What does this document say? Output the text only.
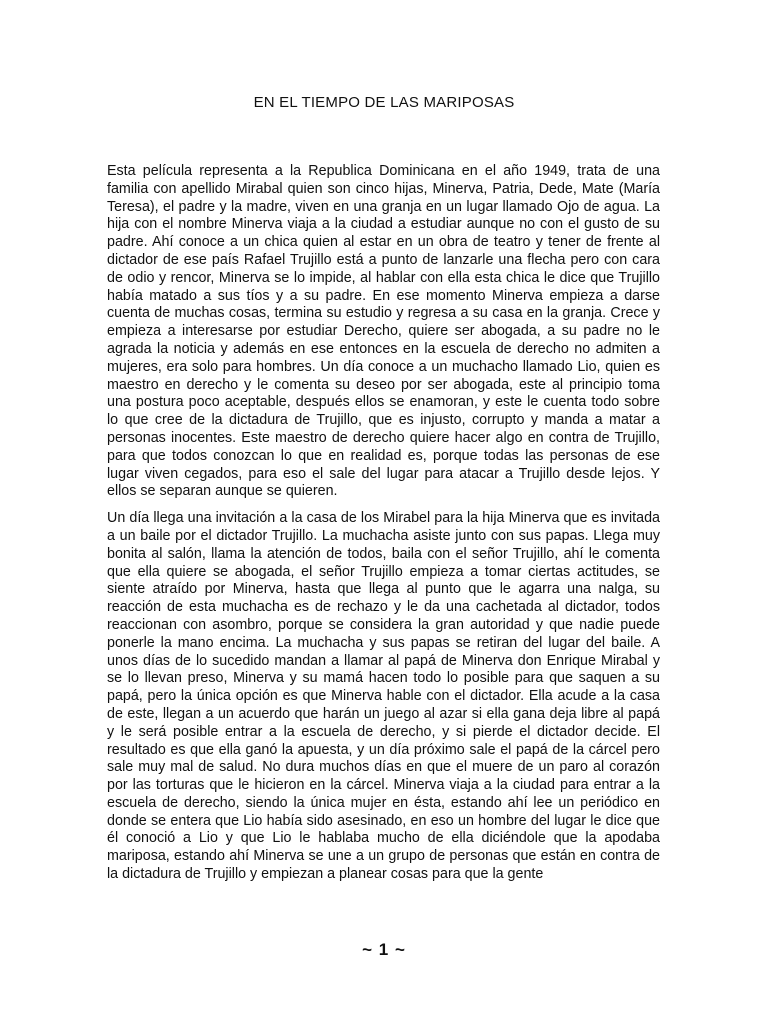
EN EL TIEMPO DE LAS MARIPOSAS

Esta película representa a la Republica Dominicana en el año 1949, trata de una familia con apellido Mirabal quien son cinco hijas, Minerva, Patria, Dede, Mate (María Teresa), el padre y la madre, viven en una granja en un lugar llamado Ojo de agua. La hija con el nombre Minerva viaja a la ciudad a estudiar aunque no con el gusto de su padre. Ahí conoce a un chica quien al estar en un obra de teatro y tener de frente al dictador de ese país Rafael Trujillo está a punto de lanzarle una flecha pero con cara de odio y rencor, Minerva se lo impide, al hablar con ella esta chica le dice que Trujillo había matado a sus tíos y a su padre. En ese momento Minerva empieza a darse cuenta de muchas cosas, termina su estudio y regresa a su casa en la granja. Crece y empieza a interesarse por estudiar Derecho, quiere ser abogada, a su padre no le agrada la noticia y además en ese entonces en la escuela de derecho no admiten a mujeres, era solo para hombres. Un día conoce a un muchacho llamado Lio, quien es maestro en derecho y le comenta su deseo por ser abogada, este al principio toma una postura poco aceptable, después ellos se enamoran, y este le cuenta todo sobre lo que cree de la dictadura de Trujillo, que es injusto, corrupto y manda a matar a personas inocentes. Este maestro de derecho quiere hacer algo en contra de Trujillo, para que todos conozcan lo que en realidad es, porque todas las personas de ese lugar viven cegados, para eso el sale del lugar para atacar a Trujillo desde lejos. Y ellos se separan aunque se quieren.

Un día llega una invitación a la casa de los Mirabel para la hija Minerva que es invitada a un baile por el dictador Trujillo. La muchacha asiste junto con sus papas. Llega muy bonita al salón, llama la atención de todos, baila con el señor Trujillo, ahí le comenta que ella quiere se abogada, el señor Trujillo empieza a tomar ciertas actitudes, se siente atraído por Minerva, hasta que llega al punto que le agarra una nalga, su reacción de esta muchacha es de rechazo y le da una cachetada al dictador, todos reaccionan con asombro, porque se considera la gran autoridad y que nadie puede ponerle la mano encima. La muchacha y sus papas se retiran del lugar del baile. A unos días de lo sucedido mandan a llamar al papá de Minerva don Enrique Mirabal y se lo llevan preso, Minerva y su mamá hacen todo lo posible para que saquen a su papá, pero la única opción es que Minerva hable con el dictador. Ella acude a la casa de este, llegan a un acuerdo que harán un juego al azar si ella gana deja libre al papá y le será posible entrar a la escuela de derecho, y si pierde el dictador decide. El resultado es que ella ganó la apuesta, y un día próximo sale el papá de la cárcel pero sale muy mal de salud. No dura muchos días en que el muere de un paro al corazón por las torturas que le hicieron en la cárcel. Minerva viaja a la ciudad para entrar a la escuela de derecho, siendo la única mujer en ésta, estando ahí lee un periódico en donde se entera que Lio había sido asesinado, en eso un hombre del lugar le dice que él conoció a Lio y que Lio le hablaba mucho de ella diciéndole que la apodaba mariposa, estando ahí Minerva se une a un grupo de personas que están en contra de la dictadura de Trujillo y empiezan a planear cosas para que la gente

~ 1 ~
